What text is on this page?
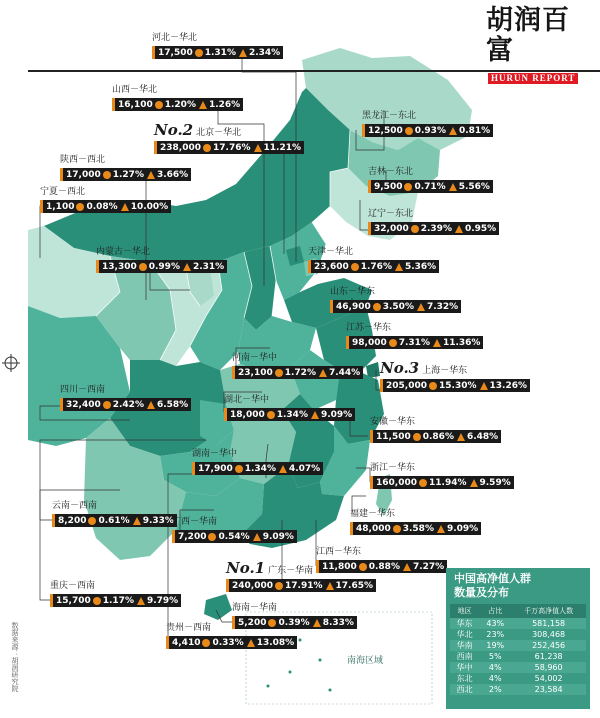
胡润百富
HURUN REPORT
河北－华北
17,500 1.31% 2.34%
山西－华北
16,100 1.20% 1.26%
No.2 北京－华北
238,000 17.76% 11.21%
黑龙江－东北
12,500 0.93% 0.81%
陕西－西北
17,000 1.27% 3.66%	吉林－东北
9,500 0.71% 5.56%
宁夏－西北
1,100 0.08% 10.00%
辽宁－东北
32,000 2.39% 0.95%
内蒙古－华北
13,300 0.99% 2.31%
天津－华北
23,600 1.76% 5.36%
山东－华东
46,900 3.50% 7.32%
江苏－华东
98,000 7.31% 11.36%
河南－华中
23,100 1.72% 7.44% No.3 上海－华东
205,000 15.30% 13.26%
四川－西南
32,400 2.42% 6.58%	湖北－华中
18,000 1.34% 9.09%
安徽－华东
11,500 0.86% 6.48%
湖南－华中
17,900 1.34% 4.07%	浙江－华东
160,000 11.94% 9.59%
云南－西南
8,200 0.61% 9.33%
广西－华南
7,200 0.54% 9.09%
福建－华东
48,000 3.58% 9.09%
江西－华东
11,800 0.88% 7.27%
No.1 广东－华南
240,000 17.91% 17.65%
重庆－西南
15,700 1.17% 9.79%
海南－华南
5,200 0.39% 8.33%
贵州－西南
4,410 0.33% 13.08%
中国高净值人群
数量及分布
地区	占比	千万高净值人数
华东	43%	581,158
华北	23%	308,468
华南	19%	252,456
西南	5%	61,238
华中	4%	58,960
东北	4%	54,002
西北	2%	23,584
南海区域
数据来源：胡润研究院
